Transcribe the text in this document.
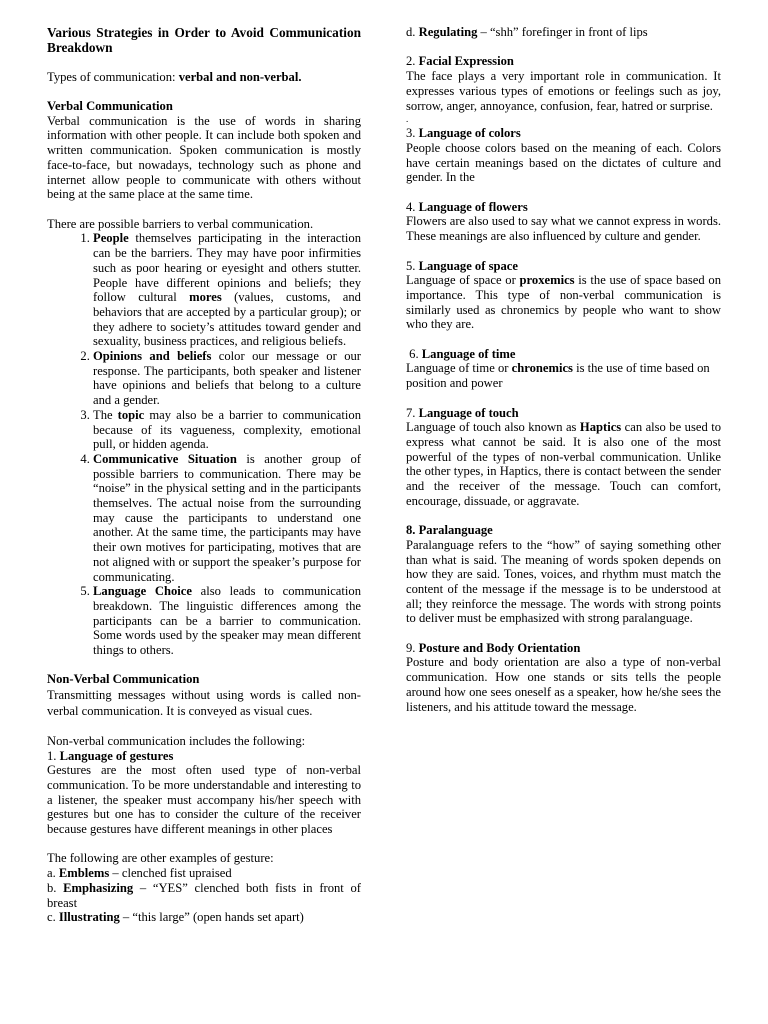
Various Strategies in Order to Avoid Communication Breakdown

Types of communication: verbal and non-verbal.

Verbal Communication

Verbal communication is the use of words in sharing information with other people. It can include both spoken and written communication. Spoken communication is mostly face-to-face, but nowadays, technology such as phone and internet allow people to communicate with others without being at the same place at the same time.

There are possible barriers to verbal communication.

1. People themselves participating in the interaction can be the barriers. They may have poor infirmities such as poor hearing or eyesight and others stutter. People have different opinions and beliefs; they follow cultural mores (values, customs, and behaviors that are accepted by a particular group); or they adhere to society’s attitudes toward gender and sexuality, business practices, and religious beliefs.
2. Opinions and beliefs color our message or our response. The participants, both speaker and listener have opinions and beliefs that belong to a culture and a gender.
3. The topic may also be a barrier to communication because of its vagueness, complexity, emotional pull, or hidden agenda.
4. Communicative Situation is another group of possible barriers to communication. There may be “noise” in the physical setting and in the participants themselves. The actual noise from the surrounding may cause the participants to understand one another. At the same time, the participants may have their own motives for participating, motives that are not aligned with or support the speaker’s purpose for communicating.
5. Language Choice also leads to communication breakdown. The linguistic differences among the participants can be a barrier to communication. Some words used by the speaker may mean different things to others.
Non-Verbal Communication

Transmitting messages without using words is called non-verbal communication. It is conveyed as visual cues.

Non-verbal communication includes the following:

1. Language of gestures

Gestures are the most often used type of non-verbal communication. To be more understandable and interesting to a listener, the speaker must accompany his/her speech with gestures but one has to consider the culture of the receiver because gestures have different meanings in other places

The following are other examples of gesture:

a. Emblems – clenched fist upraised

b. Emphasizing – “YES” clenched both fists in front of breast

c. Illustrating – “this large” (open hands set apart)

d. Regulating – “shh” forefinger in front of lips

2. Facial Expression

The face plays a very important role in communication. It expresses various types of emotions or feelings such as joy, sorrow, anger, annoyance, confusion, fear, hatred or surprise.

.
3. Language of colors

People choose colors based on the meaning of each. Colors have certain meanings based on the dictates of culture and gender. In the

4. Language of flowers

Flowers are also used to say what we cannot express in words. These meanings are also influenced by culture and gender.

5. Language of space

Language of space or proxemics is the use of space based on importance. This type of non-verbal communication is similarly used as chronemics by people who want to show who they are.

6. Language of time

Language of time or chronemics is the use of time based on position and power

7. Language of touch

Language of touch also known as Haptics can also be used to express what cannot be said. It is also one of the most powerful of the types of non-verbal communication. Unlike the other types, in Haptics, there is contact between the sender and the receiver of the message. Touch can comfort, encourage, dissuade, or aggravate.

8. Paralanguage

Paralanguage refers to the “how” of saying something other than what is said. The meaning of words spoken depends on how they are said. Tones, voices, and rhythm must match the content of the message if the message is to be understood at all; they reinforce the message. The words with strong points to deliver must be emphasized with strong paralanguage.

9. Posture and Body Orientation

Posture and body orientation are also a type of non-verbal communication. How one stands or sits tells the people around how one sees oneself as a speaker, how he/she sees the listeners, and his attitude toward the message.
